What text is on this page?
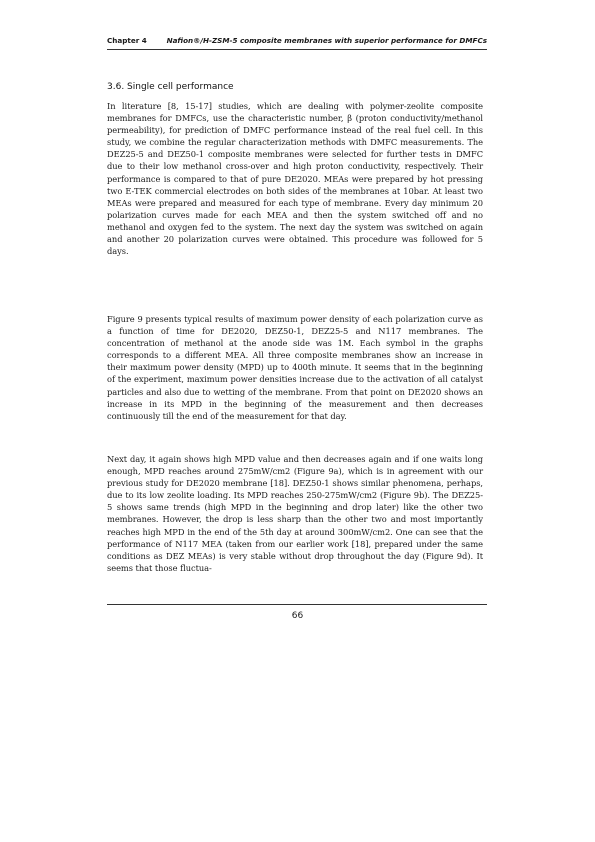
Chapter 4	Nafion®/H-ZSM-5 composite membranes with superior performance for DMFCs
3.6. Single cell performance

In literature [8, 15-17] studies, which are dealing with polymer-zeolite composite membranes for DMFCs, use the characteristic number, β (proton conductivity/methanol permeability), for prediction of DMFC performance instead of the real fuel cell. In this study, we combine the regular characterization methods with DMFC measurements. The DEZ25-5 and DEZ50-1 composite membranes were selected for further tests in DMFC due to their low methanol cross-over and high proton conductivity, respectively. Their performance is compared to that of pure DE2020. MEAs were prepared by hot pressing two E-TEK commercial electrodes on both sides of the membranes at 10bar. At least two MEAs were prepared and measured for each type of membrane. Every day minimum 20 polarization curves made for each MEA and then the system switched off and no methanol and oxygen fed to the system. The next day the system was switched on again and another 20 polarization curves were obtained. This procedure was followed for 5 days.

Figure 9 presents typical results of maximum power density of each polarization curve as a function of time for DE2020, DEZ50-1, DEZ25-5 and N117 membranes. The concentration of methanol at the anode side was 1M. Each symbol in the graphs corresponds to a different MEA. All three composite membranes show an increase in their maximum power density (MPD) up to 400th minute. It seems that in the beginning of the experiment, maximum power densities increase due to the activation of all catalyst particles and also due to wetting of the membrane. From that point on DE2020 shows an increase in its MPD in the beginning of the measurement and then decreases continuously till the end of the measurement for that day.

Next day, it again shows high MPD value and then decreases again and if one waits long enough, MPD reaches around 275mW/cm2 (Figure 9a), which is in agreement with our previous study for DE2020 membrane [18]. DEZ50-1 shows similar phenomena, perhaps, due to its low zeolite loading. Its MPD reaches 250-275mW/cm2 (Figure 9b). The DEZ25-5 shows same trends (high MPD in the beginning and drop later) like the other two membranes. However, the drop is less sharp than the other two and most importantly reaches high MPD in the end of the 5th day at around 300mW/cm2. One can see that the performance of N117 MEA (taken from our earlier work [18], prepared under the same conditions as DEZ MEAs) is very stable without drop throughout the day (Figure 9d). It seems that those fluctua-

66
